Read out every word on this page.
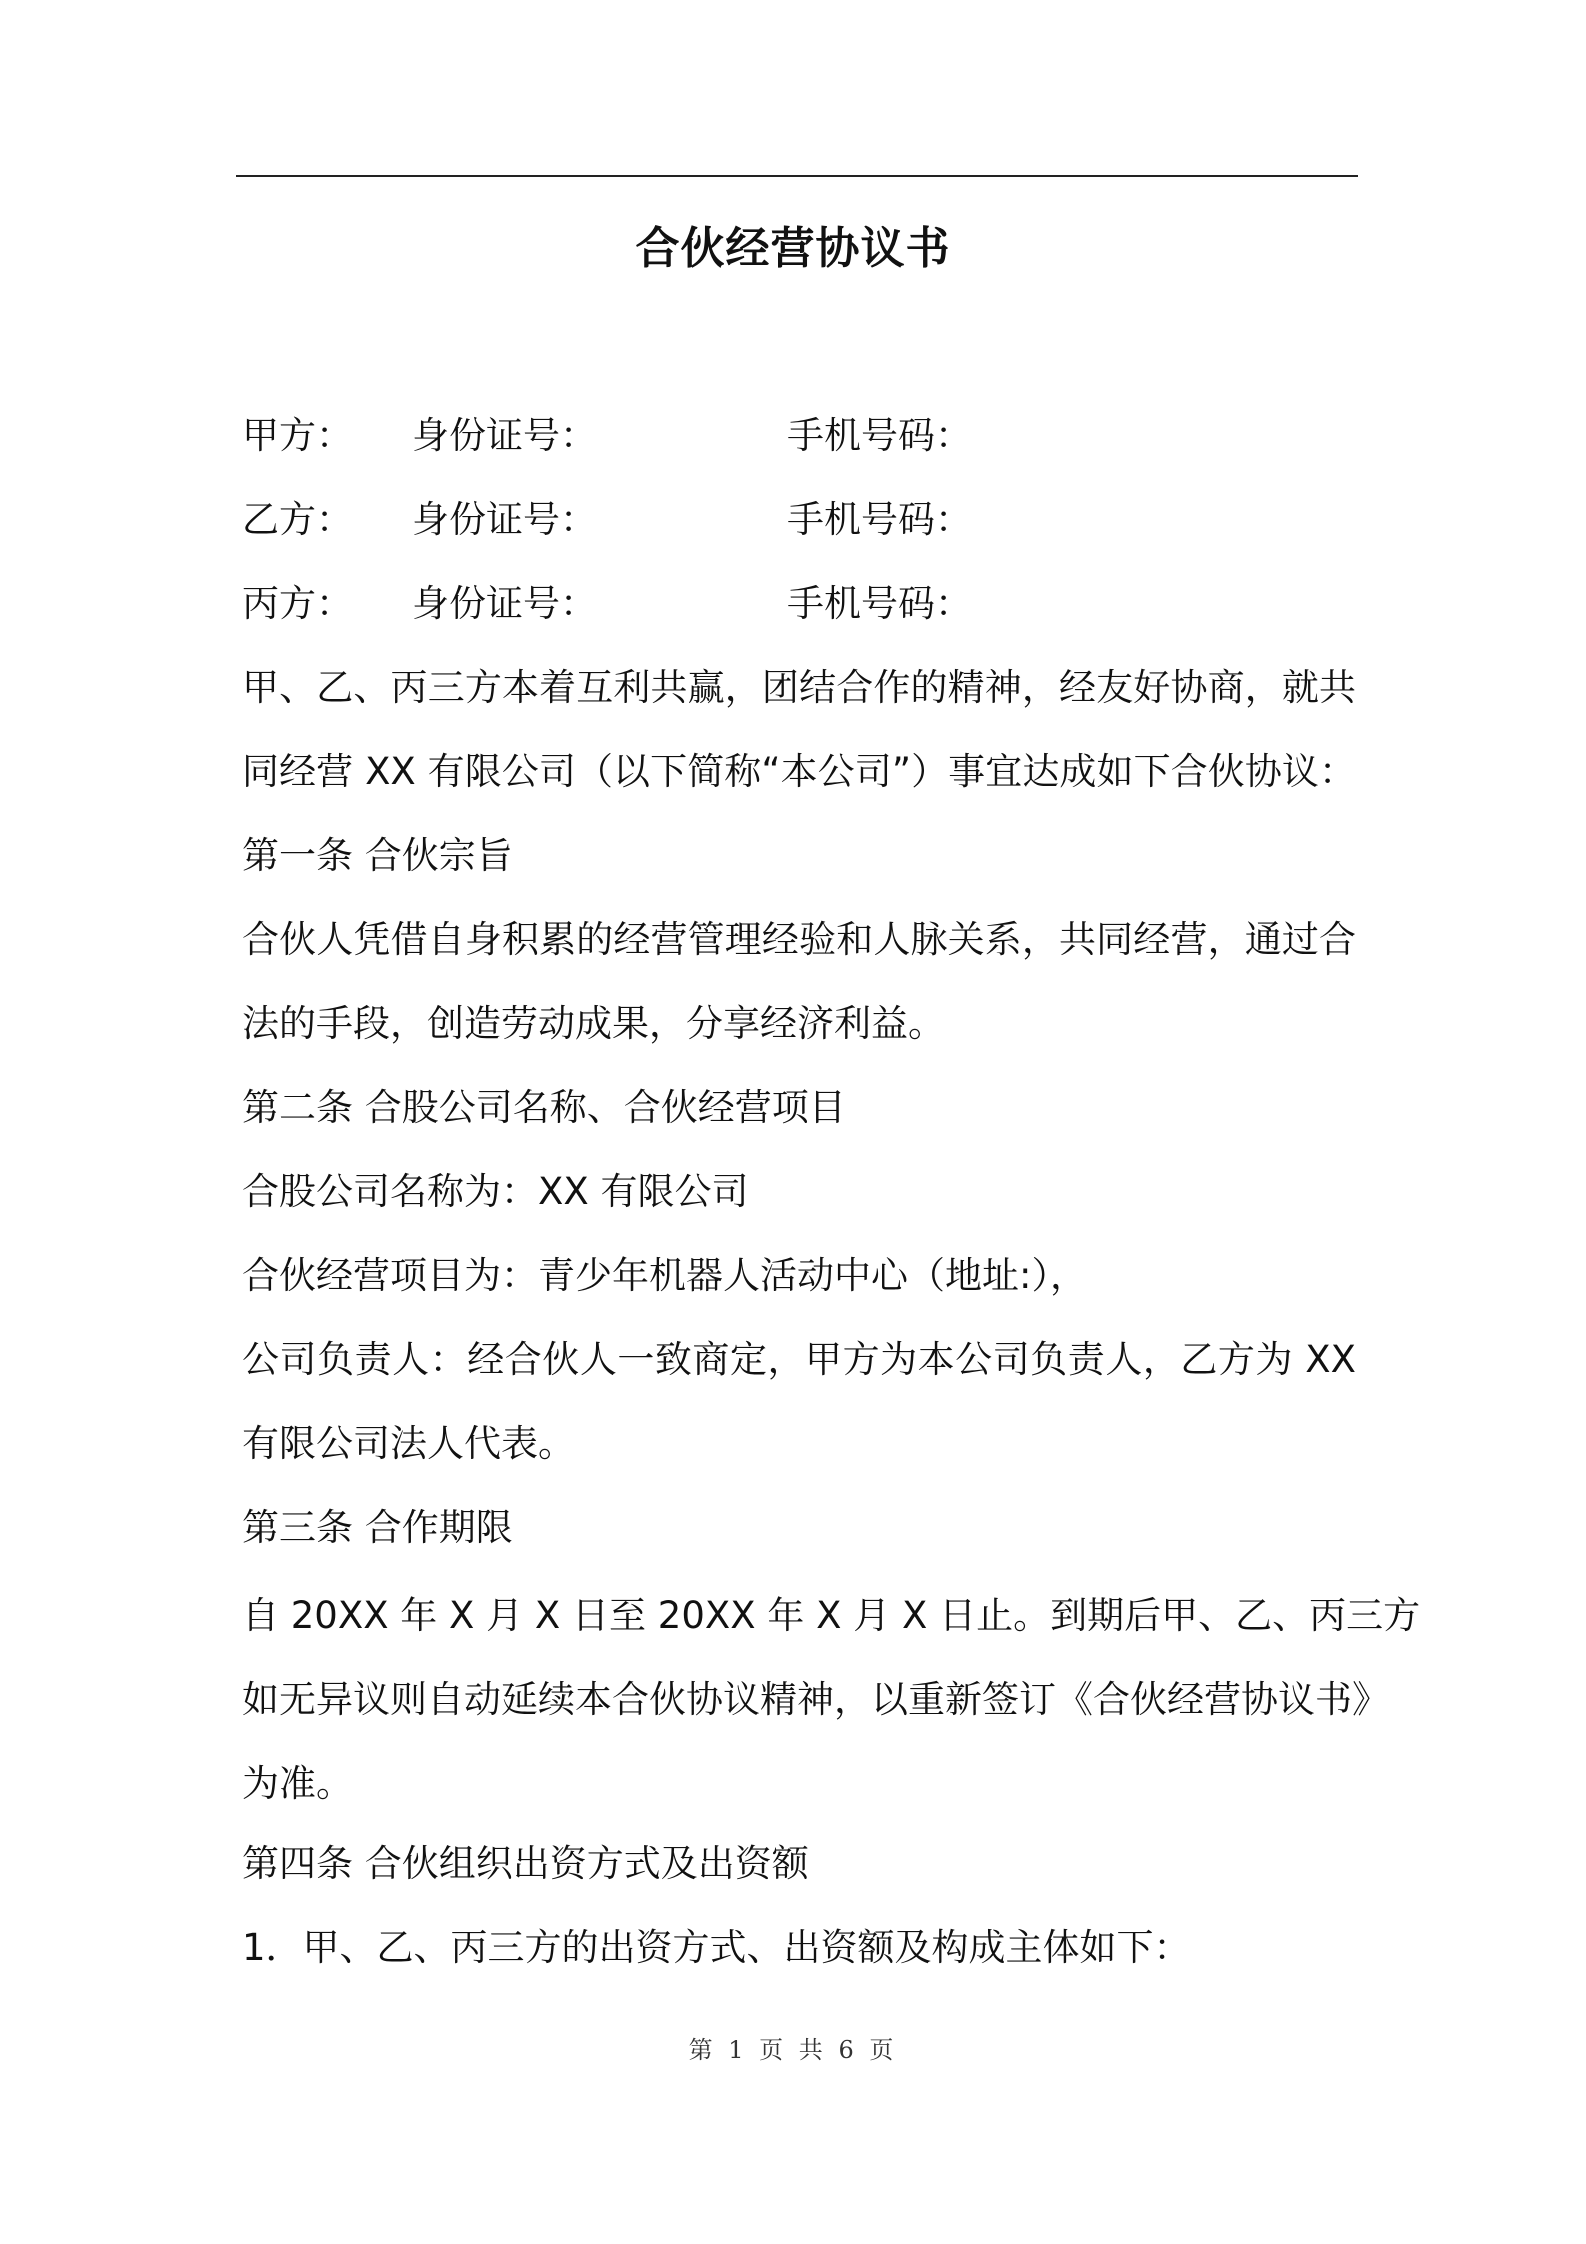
合伙经营协议书
甲方： 身份证号：	手机号码：
乙方： 身份证号：	手机号码：
丙方： 身份证号：	手机号码：
甲、乙、丙三方本着互利共赢，团结合作的精神，经友好协商，就共
同经营 XX 有限公司（以下简称“本公司”）事宜达成如下合伙协议：
第一条 合伙宗旨
合伙人凭借自身积累的经营管理经验和人脉关系，共同经营，通过合
法的手段，创造劳动成果，分享经济利益。
第二条 合股公司名称、合伙经营项目
合股公司名称为：XX 有限公司
合伙经营项目为：青少年机器人活动中心（地址:），
公司负责人：经合伙人一致商定，甲方为本公司负责人，乙方为 XX
有限公司法人代表。
第三条 合作期限
自 20XX 年 X 月 X 日至 20XX 年 X 月 X 日止。到期后甲、乙、丙三方
如无异议则自动延续本合伙协议精神，以重新签订《合伙经营协议书》
为准。
第四条 合伙组织出资方式及出资额
1．甲、乙、丙三方的出资方式、出资额及构成主体如下：
第 1 页 共 6 页
